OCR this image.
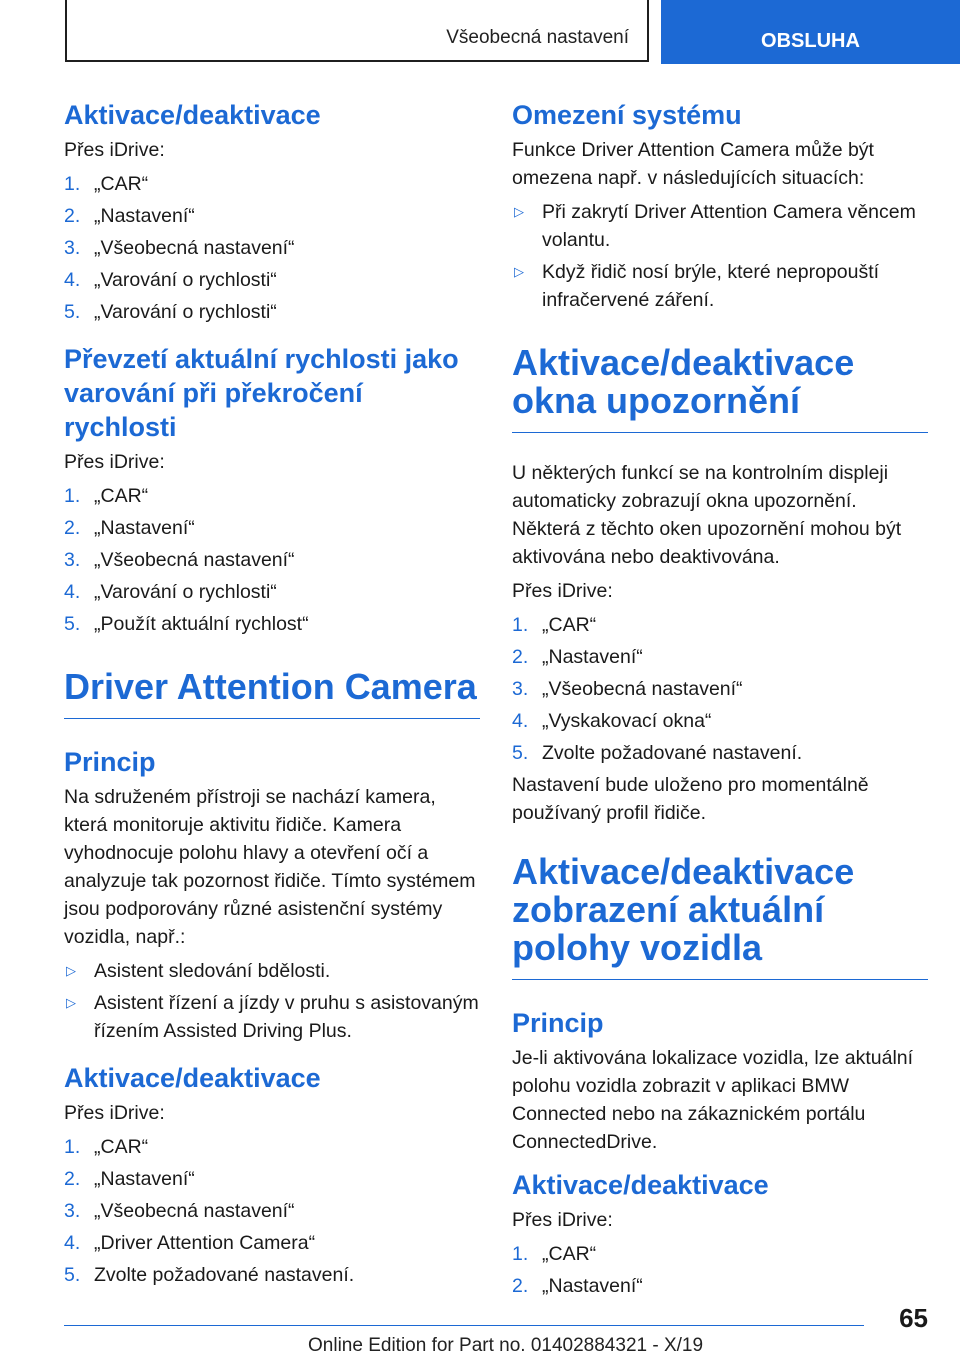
Všeobecná nastavení	OBSLUHA
Aktivace/deaktivace

Přes iDrive:

1. „CAR“
2. „Nastavení“
3. „Všeobecná nastavení“
4. „Varování o rychlosti“
5. „Varování o rychlosti“
Převzetí aktuální rychlosti jako varování při překročení rychlosti

Přes iDrive:

1. „CAR“
2. „Nastavení“
3. „Všeobecná nastavení“
4. „Varování o rychlosti“
5. „Použít aktuální rychlost“
Driver Attention Camera
Princip

Na sdruženém přístroji se nachází kamera, která monitoruje aktivitu řidiče. Kamera vyhodnocuje polohu hlavy a otevření očí a analyzuje tak pozornost řidiče. Tímto systémem jsou podporovány různé asistenční systémy vozidla, např.:

▷ Asistent sledování bdělosti.
▷ Asistent řízení a jízdy v pruhu s asistovaným řízením Assisted Driving Plus.
Aktivace/deaktivace

Přes iDrive:

1. „CAR“
2. „Nastavení“
3. „Všeobecná nastavení“
4. „Driver Attention Camera“
5. Zvolte požadované nastavení.
Omezení systému

Funkce Driver Attention Camera může být omezena např. v následujících situacích:

▷ Při zakrytí Driver Attention Camera věncem volantu.
▷ Když řidič nosí brýle, které nepropouští infračervené záření.
Aktivace/deaktivace okna upozornění

U některých funkcí se na kontrolním displeji automaticky zobrazují okna upozornění. Některá z těchto oken upozornění mohou být aktivována nebo deaktivována.

Přes iDrive:

1. „CAR“
2. „Nastavení“
3. „Všeobecná nastavení“
4. „Vyskakovací okna“
5. Zvolte požadované nastavení.

Nastavení bude uloženo pro momentálně používaný profil řidiče.

Aktivace/deaktivace zobrazení aktuální polohy vozidla
Princip

Je-li aktivována lokalizace vozidla, lze aktuální polohu vozidla zobrazit v aplikaci BMW Connected nebo na zákaznickém portálu ConnectedDrive.

Aktivace/deaktivace

Přes iDrive:

1. „CAR“
2. „Nastavení“
65
Online Edition for Part no. 01402884321 - X/19
